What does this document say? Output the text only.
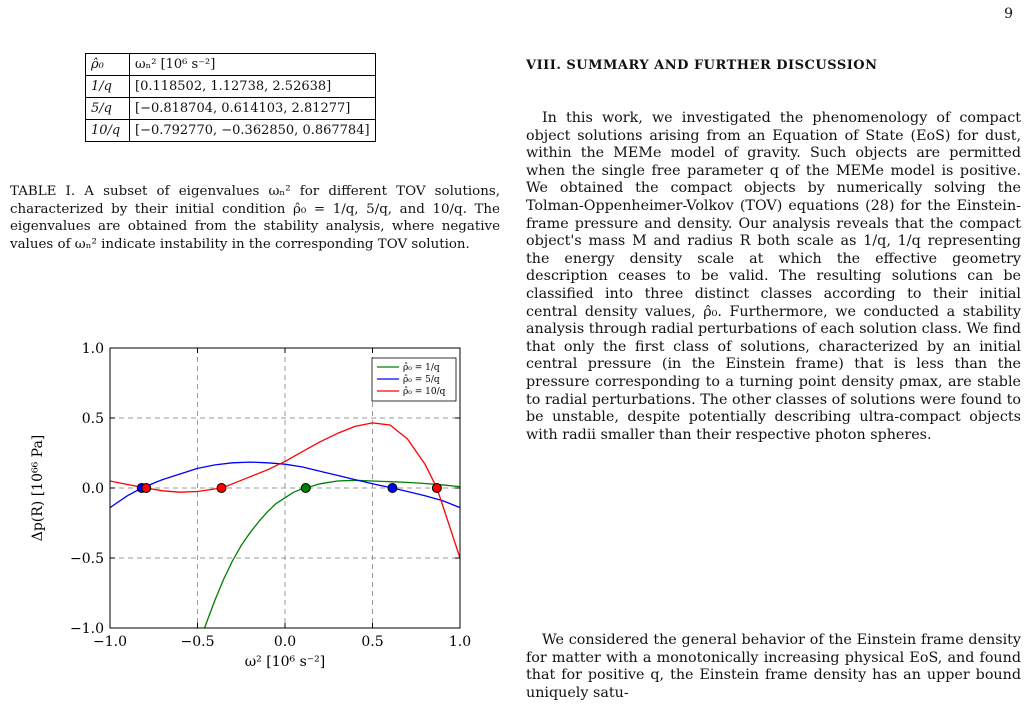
9
ρ̂₀	ωₙ² [10⁶ s⁻²]
1/q	[0.118502, 1.12738, 2.52638]
5/q	[−0.818704, 0.614103, 2.81277]
10/q	[−0.792770, −0.362850, 0.867784]
TABLE I. A subset of eigenvalues ωₙ² for different TOV solutions, characterized by their initial condition ρ̂₀ = 1/q, 5/q, and 10/q. The eigenvalues are obtained from the stability analysis, where negative values of ωₙ² indicate instability in the corresponding TOV solution.
VIII. SUMMARY AND FURTHER DISCUSSION

In this work, we investigated the phenomenology of compact object solutions arising from an Equation of State (EoS) for dust, within the MEMe model of gravity. Such objects are permitted when the single free parameter q of the MEMe model is positive. We obtained the compact objects by numerically solving the Tolman-Oppenheimer-Volkov (TOV) equations (28) for the Einstein-frame pressure and density. Our analysis reveals that the compact object's mass M and radius R both scale as 1/q, 1/q representing the energy density scale at which the effective geometry description ceases to be valid. The resulting solutions can be classified into three distinct classes according to their initial central density values, ρ̂₀. Furthermore, we conducted a stability analysis through radial perturbations of each solution class. We find that only the first class of solutions, characterized by an initial central pressure (in the Einstein frame) that is less than the pressure corresponding to a turning point density ρmax, are stable to radial perturbations. The other classes of solutions were found to be unstable, despite potentially describing ultra-compact objects with radii smaller than their respective photon spheres.

We considered the general behavior of the Einstein frame density for matter with a monotonically increasing physical EoS, and found that for positive q, the Einstein frame density has an upper bound uniquely satu-

−1.0	−0.5	0.0	0.5	1.0
−1.0
−0.5
0.0
0.5
1.0
ω² [10⁶ s⁻²]
Δp(R) [10⁶⁶ Pa]
ρ̂₀ = 1/q
ρ̂₀ = 5/q
ρ̂₀ = 10/q
